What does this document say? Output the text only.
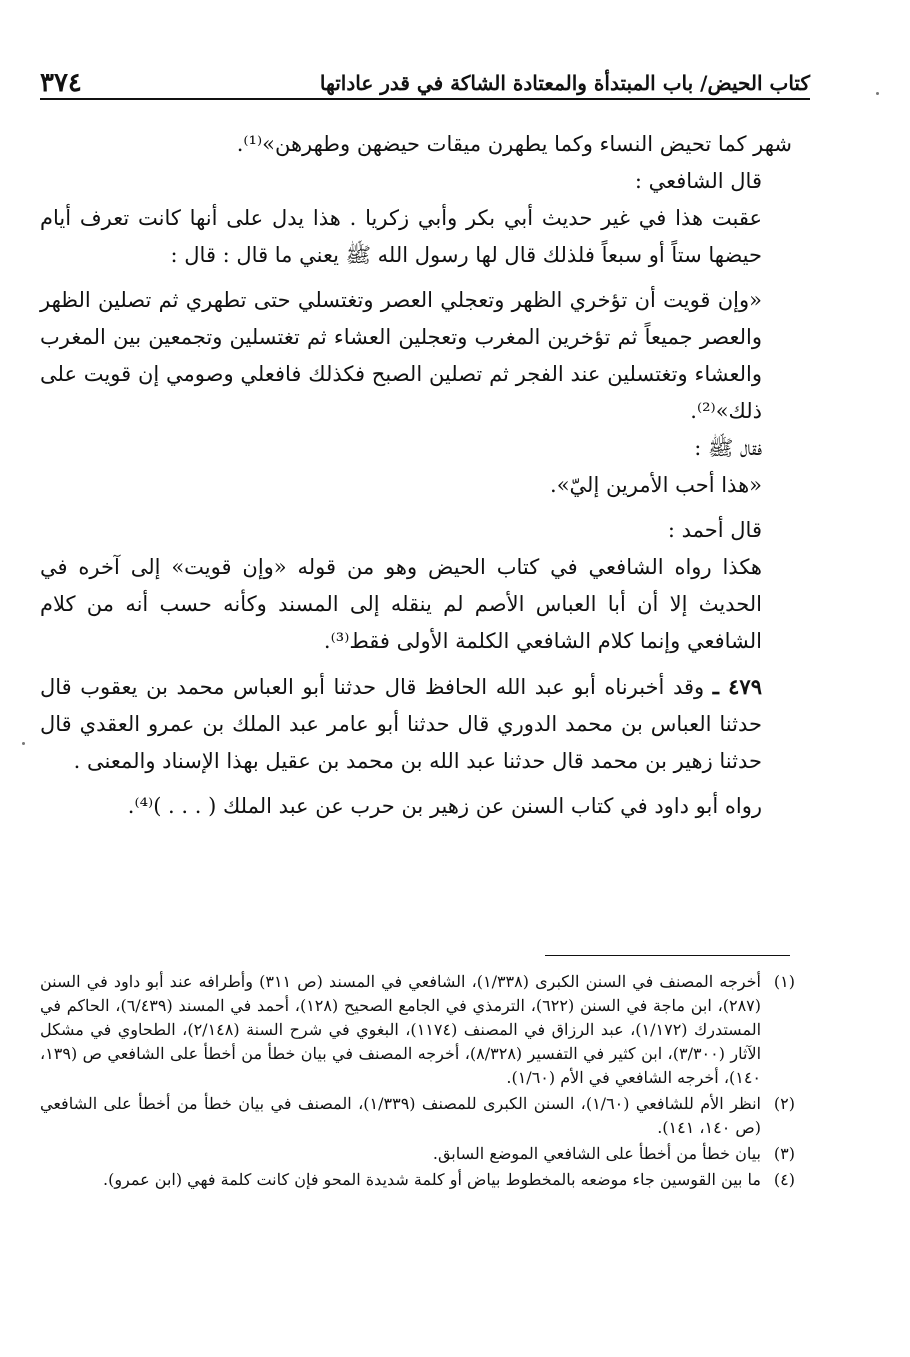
كتاب الحيض/ باب المبتدأة والمعتادة الشاكة في قدر عاداتها
٣٧٤

شهر كما تحيض النساء وكما يطهرن ميقات حيضهن وطهرهن»⁽¹⁾.

قال الشافعي :

عقبت هذا في غير حديث أبي بكر وأبي زكريا . هذا يدل على أنها كانت تعرف أيام حيضها ستاً أو سبعاً فلذلك قال لها رسول الله ﷺ يعني ما قال : قال :

«وإن قويت أن تؤخري الظهر وتعجلي العصر وتغتسلي حتى تطهري ثم تصلين الظهر والعصر جميعاً ثم تؤخرين المغرب وتعجلين العشاء ثم تغتسلين وتجمعين بين المغرب والعشاء وتغتسلين عند الفجر ثم تصلين الصبح فكذلك فافعلي وصومي إن قويت على ذلك»⁽²⁾.

فقال ﷺ :

«هذا أحب الأمرين إليّ».

قال أحمد :

هكذا رواه الشافعي في كتاب الحيض وهو من قوله «وإن قويت» إلى آخره في الحديث إلا أن أبا العباس الأصم لم ينقله إلى المسند وكأنه حسب أنه من كلام الشافعي وإنما كلام الشافعي الكلمة الأولى فقط⁽³⁾.

٤٧٩ ـ وقد أخبرناه أبو عبد الله الحافظ قال حدثنا أبو العباس محمد بن يعقوب قال حدثنا العباس بن محمد الدوري قال حدثنا أبو عامر عبد الملك بن عمرو العقدي قال حدثنا زهير بن محمد قال حدثنا عبد الله بن محمد بن عقيل بهذا الإسناد والمعنى .

رواه أبو داود في كتاب السنن عن زهير بن حرب عن عبد الملك ( . . . )⁽⁴⁾.

(١)
أخرجه المصنف في السنن الكبرى (١/٣٣٨)، الشافعي في المسند (ص ٣١١) وأطرافه عند أبو داود في السنن (٢٨٧)، ابن ماجة في السنن (٦٢٢)، الترمذي في الجامع الصحيح (١٢٨)، أحمد في المسند (٦/٤٣٩)، الحاكم في المستدرك (١/١٧٢)، عبد الرزاق في المصنف (١١٧٤)، البغوي في شرح السنة (٢/١٤٨)، الطحاوي في مشكل الآثار (٣/٣٠٠)، ابن كثير في التفسير (٨/٣٢٨)، أخرجه المصنف في بيان خطأ من أخطأ على الشافعي ص (١٣٩، ١٤٠)، أخرجه الشافعي في الأم (١/٦٠).
(٢)
انظر الأم للشافعي (١/٦٠)، السنن الكبرى للمصنف (١/٣٣٩)، المصنف في بيان خطأ من أخطأ على الشافعي (ص ١٤٠، ١٤١).
(٣)
بيان خطأ من أخطأ على الشافعي الموضع السابق.
(٤)
ما بين القوسين جاء موضعه بالمخطوط بياض أو كلمة شديدة المحو فإن كانت كلمة فهي (ابن عمرو).
